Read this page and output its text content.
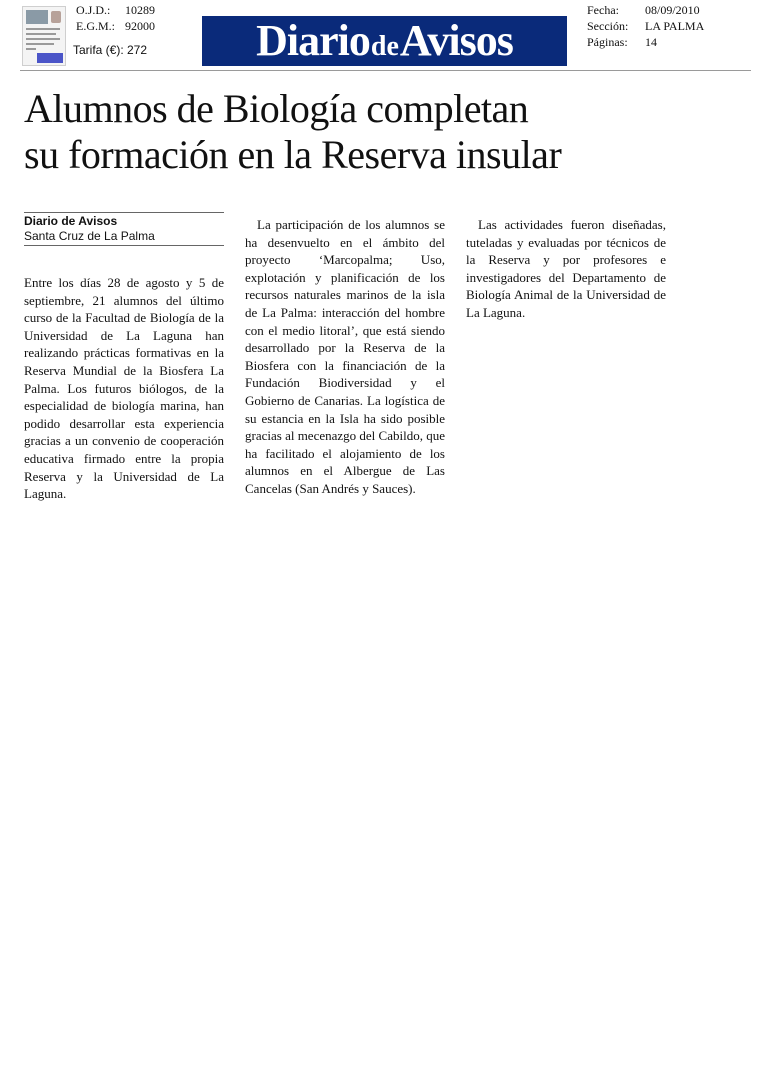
O.J.D.: 10289
E.G.M.: 92000
Tarifa (€): 272	DiariodeAvisos
Fecha: 08/09/2010
Sección: LA PALMA
Páginas: 14
Alumnos de Biología completan
su formación en la Reserva insular
Diario de Avisos
Santa Cruz de La Palma

Entre los días 28 de agosto y 5 de septiembre, 21 alumnos del último curso de la Facultad de Biología de la Universidad de La Laguna han realizando prácticas formativas en la Reserva Mundial de la Biosfera La Palma. Los futuros biólogos, de la especialidad de biología marina, han podido desarrollar esta experiencia gracias a un convenio de cooperación educativa firmado entre la propia Reserva y la Universidad de La Laguna.

La participación de los alumnos se ha desenvuelto en el ámbito del proyecto ‘Marcopalma; Uso, explotación y planificación de los recursos naturales marinos de la isla de La Palma: interacción del hombre con el medio litoral’, que está siendo desarrollado por la Reserva de la Biosfera con la financiación de la Fundación Biodiversidad y el Gobierno de Canarias. La logística de su estancia en la Isla ha sido posible gracias al mecenazgo del Cabildo, que ha facilitado el alojamiento de los alumnos en el Albergue de Las Cancelas (San Andrés y Sauces).

Las actividades fueron diseñadas, tuteladas y evaluadas por técnicos de la Reserva y por profesores e investigadores del Departamento de Biología Animal de la Universidad de La Laguna.
